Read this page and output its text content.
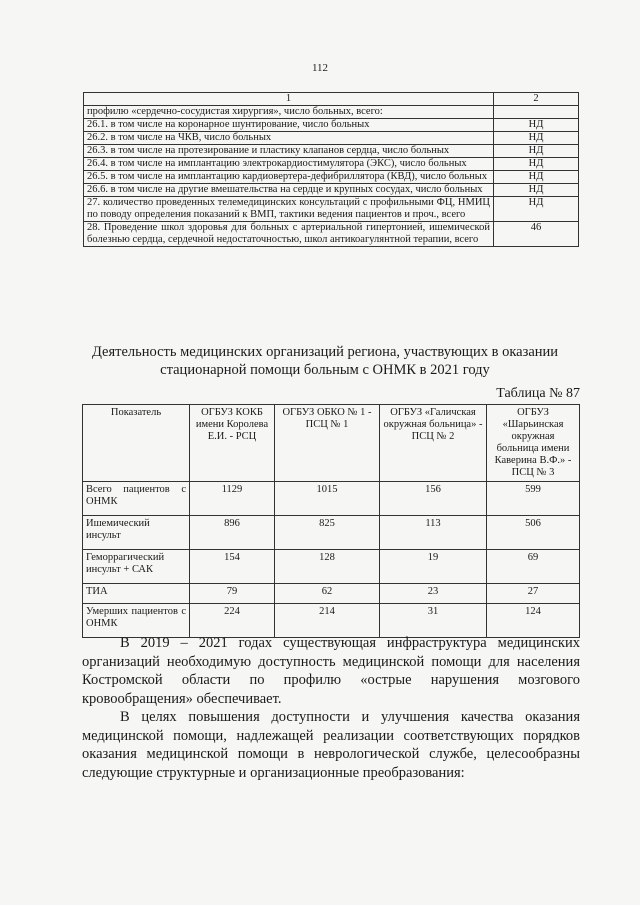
112
1	2
профилю «сердечно-сосудистая хирургия», число больных, всего:	
26.1. в том числе на коронарное шунтирование, число больных	НД
26.2. в том числе на ЧКВ, число больных	НД
26.3. в том числе на протезирование и пластику клапанов сердца, число больных	НД
26.4. в том числе на имплантацию электрокардиостимулятора (ЭКС), число больных	НД
26.5. в том числе на имплантацию кардиовертера-дефибриллятора (КВД), число больных	НД
26.6. в том числе на другие вмешательства на сердце и крупных сосудах, число больных	НД
27. количество проведенных телемедицинских консультаций с профильными ФЦ, НМИЦ по поводу определения показаний к ВМП, тактики ведения пациентов и проч., всего	НД
28. Проведение школ здоровья для больных с артериальной гипертонией, ишемической болезнью сердца, сердечной недостаточностью, школ антикоагулянтной терапии, всего	46
Деятельность медицинских организаций региона, участвующих в оказании стационарной помощи больным с ОНМК в 2021 году
Таблица № 87
Показатель	ОГБУЗ КОКБ имени Королева Е.И. - РСЦ	ОГБУЗ ОБКО № 1 - ПСЦ № 1	ОГБУЗ «Галичская окружная больница» - ПСЦ № 2	ОГБУЗ «Шарьинская окружная больница имени Каверина В.Ф.» - ПСЦ № 3
Всего пациентов с ОНМК	1129	1015	156	599
Ишемический инсульт	896	825	113	506
Геморрагический инсульт + САК	154	128	19	69
ТИА	79	62	23	27
Умерших пациентов с ОНМК	224	214	31	124

В 2019 – 2021 годах существующая инфраструктура медицинских организаций необходимую доступность медицинской помощи для населения Костромской области по профилю «острые нарушения мозгового кровообращения» обеспечивает.

В целях повышения доступности и улучшения качества оказания медицинской помощи, надлежащей реализации соответствующих порядков оказания медицинской помощи в неврологической службе, целесообразны следующие структурные и организационные преобразования:
